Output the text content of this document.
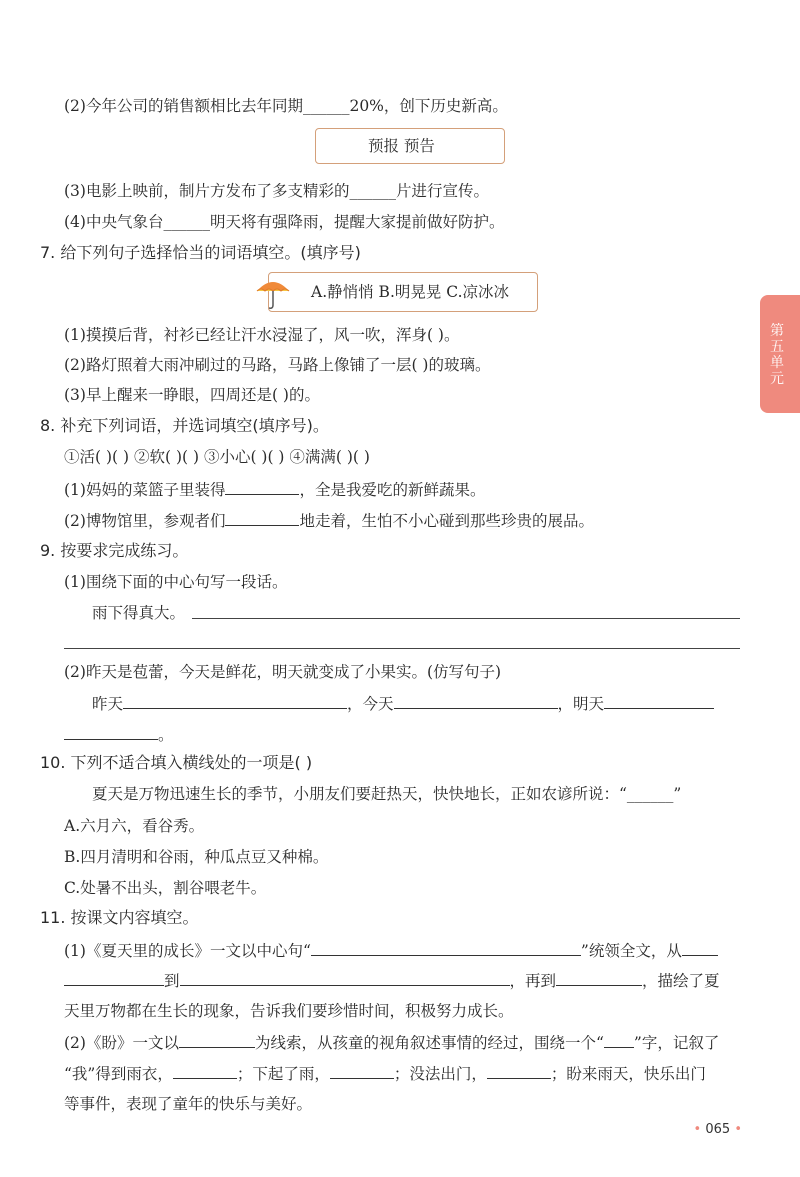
(2)今年公司的销售额相比去年同期______20%，创下历史新高。
预报 预告
(3)电影上映前，制片方发布了多支精彩的______片进行宣传。
(4)中央气象台______明天将有强降雨，提醒大家提前做好防护。
7. 给下列句子选择恰当的词语填空。(填序号)
A.静悄悄 B.明晃晃 C.凉冰冰
(1)摸摸后背，衬衫已经让汗水浸湿了，风一吹，浑身( )。
(2)路灯照着大雨冲刷过的马路，马路上像铺了一层( )的玻璃。
(3)早上醒来一睁眼，四周还是( )的。
8. 补充下列词语，并选词填空(填序号)。
①活( )( ) ②软( )( ) ③小心( )( ) ④满满( )( )
(1)妈妈的菜篮子里装得	，全是我爱吃的新鲜蔬果。
(2)博物馆里，参观者们	地走着，生怕不小心碰到那些珍贵的展品。
9. 按要求完成练习。
(1)围绕下面的中心句写一段话。
雨下得真大。
(2)昨天是苞蕾，今天是鲜花，明天就变成了小果实。(仿写句子)
昨天	，今天	，明天
。
10. 下列不适合填入横线处的一项是( )
夏天是万物迅速生长的季节，小朋友们要赶热天，快快地长，正如农谚所说：“______”
A.六月六，看谷秀。
B.四月清明和谷雨，种瓜点豆又种棉。
C.处暑不出头，割谷喂老牛。
11. 按课文内容填空。
(1)《夏天里的成长》一文以中心句“	”统领全文，从
到	，再到	，描绘了夏
天里万物都在生长的现象，告诉我们要珍惜时间，积极努力成长。
(2)《盼》一文以	为线索，从孩童的视角叙述事情的经过，围绕一个“ ”字，记叙了
“我”得到雨衣，	；下起了雨，	；没法出门，	；盼来雨天，快乐出门
等事件，表现了童年的快乐与美好。
第五单元
• 065 •
